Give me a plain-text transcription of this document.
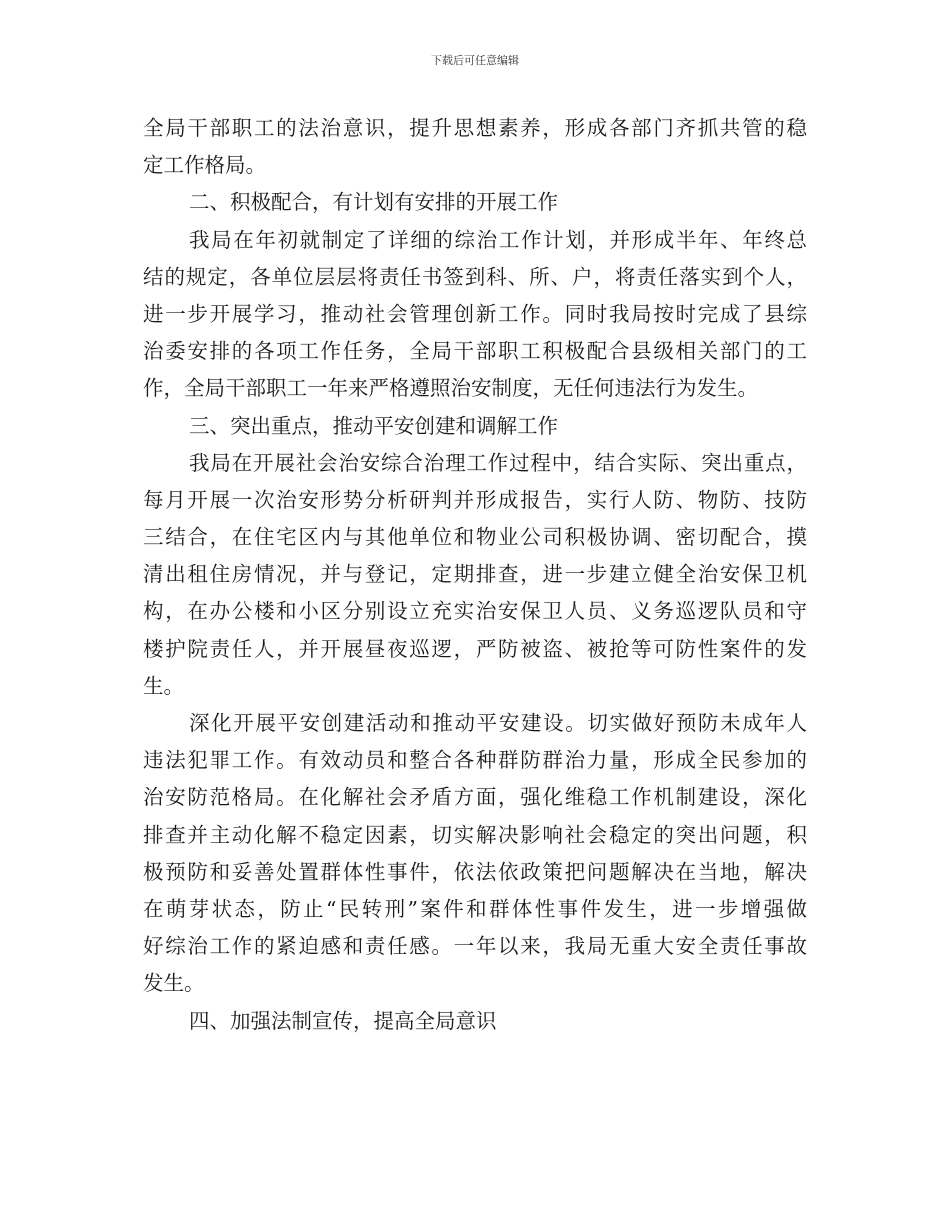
下载后可任意编辑
全局干部职工的法治意识，提升思想素养，形成各部门齐抓共管的稳
定工作格局。
二、积极配合，有计划有安排的开展工作
我局在年初就制定了详细的综治工作计划，并形成半年、年终总
结的规定，各单位层层将责任书签到科、所、户，将责任落实到个人，
进一步开展学习，推动社会管理创新工作。同时我局按时完成了县综
治委安排的各项工作任务，全局干部职工积极配合县级相关部门的工
作，全局干部职工一年来严格遵照治安制度，无任何违法行为发生。
三、突出重点，推动平安创建和调解工作
我局在开展社会治安综合治理工作过程中，结合实际、突出重点，
每月开展一次治安形势分析研判并形成报告，实行人防、物防、技防
三结合，在住宅区内与其他单位和物业公司积极协调、密切配合，摸
清出租住房情况，并与登记，定期排查，进一步建立健全治安保卫机
构，在办公楼和小区分别设立充实治安保卫人员、义务巡逻队员和守
楼护院责任人，并开展昼夜巡逻，严防被盗、被抢等可防性案件的发
生。
深化开展平安创建活动和推动平安建设。切实做好预防未成年人
违法犯罪工作。有效动员和整合各种群防群治力量，形成全民参加的
治安防范格局。在化解社会矛盾方面，强化维稳工作机制建设，深化
排查并主动化解不稳定因素，切实解决影响社会稳定的突出问题，积
极预防和妥善处置群体性事件，依法依政策把问题解决在当地，解决
在萌芽状态，防止“民转刑”案件和群体性事件发生，进一步增强做
好综治工作的紧迫感和责任感。一年以来，我局无重大安全责任事故
发生。
四、加强法制宣传，提高全局意识
